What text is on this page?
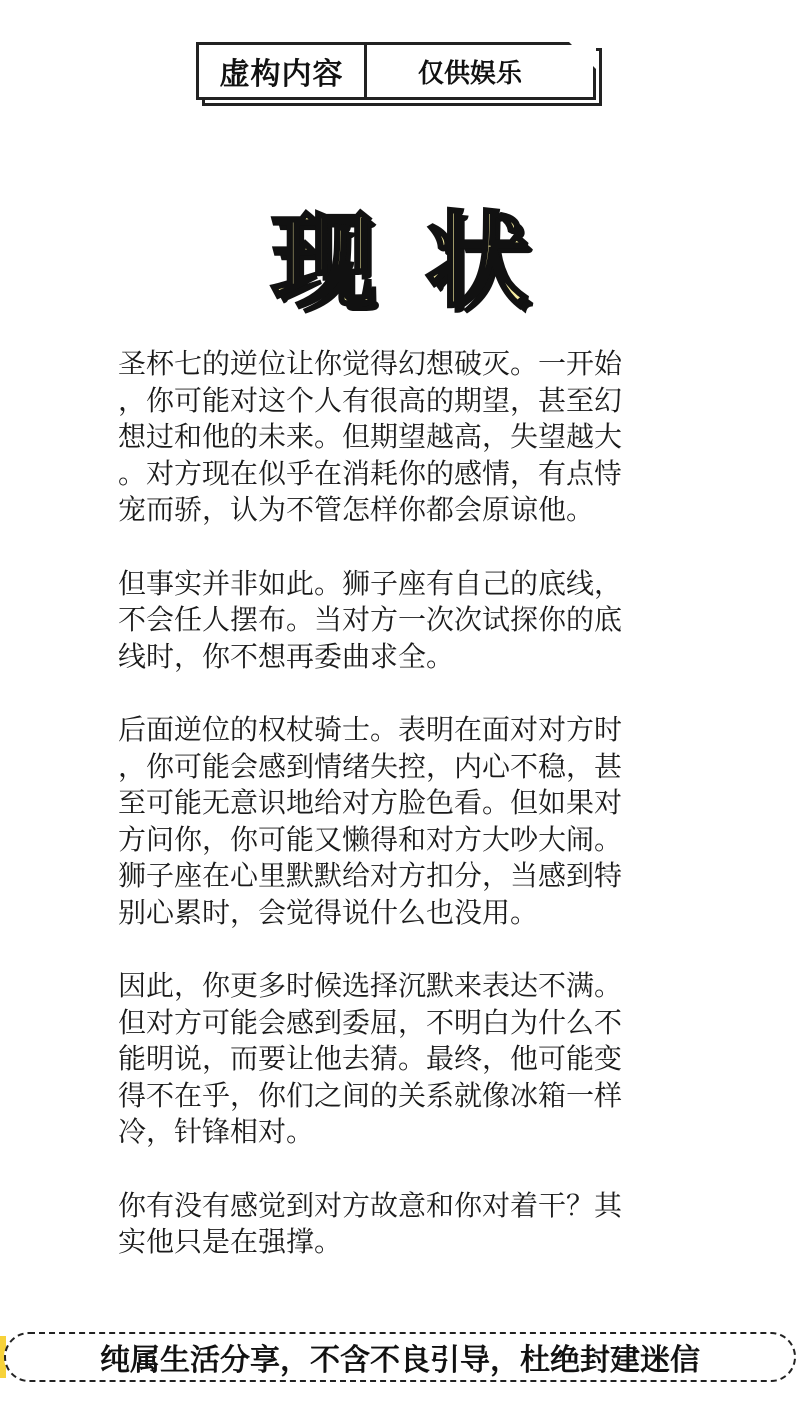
虚构内容	仅供娱乐
现状

圣杯七的逆位让你觉得幻想破灭。一开始
，你可能对这个人有很高的期望，甚至幻
想过和他的未来。但期望越高，失望越大
。对方现在似乎在消耗你的感情，有点恃
宠而骄，认为不管怎样你都会原谅他。

但事实并非如此。狮子座有自己的底线，
不会任人摆布。当对方一次次试探你的底
线时，你不想再委曲求全。

后面逆位的权杖骑士。表明在面对对方时
，你可能会感到情绪失控，内心不稳，甚
至可能无意识地给对方脸色看。但如果对
方问你，你可能又懒得和对方大吵大闹。
狮子座在心里默默给对方扣分，当感到特
别心累时，会觉得说什么也没用。

因此，你更多时候选择沉默来表达不满。
但对方可能会感到委屈，不明白为什么不
能明说，而要让他去猜。最终，他可能变
得不在乎，你们之间的关系就像冰箱一样
冷，针锋相对。

你有没有感觉到对方故意和你对着干？其
实他只是在强撑。

纯属生活分享，不含不良引导，杜绝封建迷信
